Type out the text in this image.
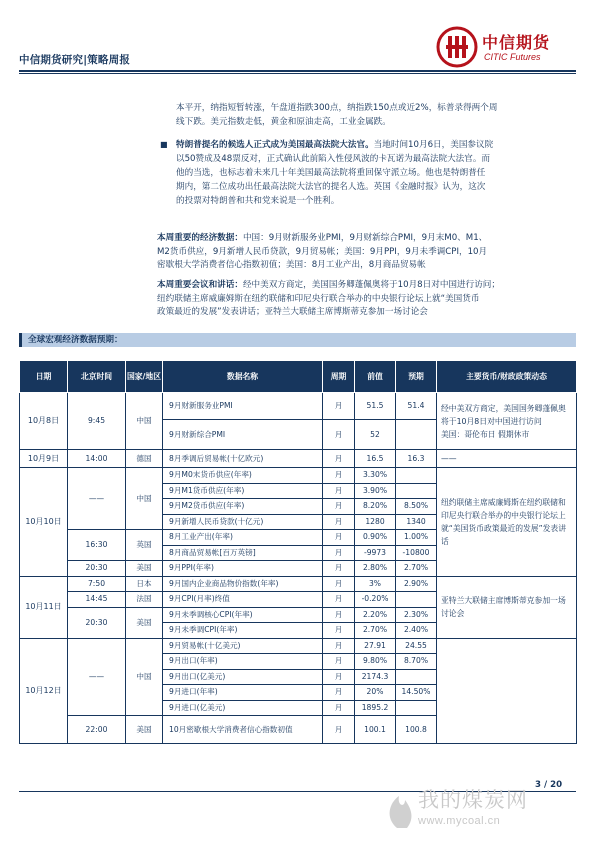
中信期货研究|策略周报
中信期货
CITIC Futures
本平开，纳指短暂转涨，午盘道指跌300点，纳指跌150点或近2%，标普录得两个周
线下跌。美元指数走低，黄金和原油走高，工业金属跌。
■ 特朗普提名的候选人正式成为美国最高法院大法官。当地时间10月6日，美国参议院
以50赞成及48票反对，正式确认此前陷入性侵风波的卡瓦诺为最高法院大法官。而
他的当选，也标志着未来几十年美国最高法院将重回保守派立场。他也是特朗普任
期内，第二位成功出任最高法院大法官的提名人选。英国《金融时报》认为，这次
的投票对特朗普和共和党来说是一个胜利。
本周重要的经济数据：中国：9月财新服务业PMI，9月财新综合PMI，9月末M0、M1、
M2货币供应，9月新增人民币贷款，9月贸易帐；美国：9月PPI，9月未季调CPI，10月
密歇根大学消费者信心指数初值；美国：8月工业产出，8月商品贸易帐
本周重要会议和讲话：经中美双方商定，美国国务卿蓬佩奥将于10月8日对中国进行访问；
纽约联储主席威廉姆斯在纽约联储和印尼央行联合举办的中央银行论坛上就“美国货币
政策最近的发展”发表讲话；亚特兰大联储主席博斯蒂克参加一场讨论会
全球宏观经济数据预期：
日期	北京时间	国家/地区	数据名称	周期	前值	预期	主要货币/财政政策动态
10月8日	9:45	中国	9月财新服务业PMI	月	51.5	51.4	经中美双方商定，美国国务卿蓬佩奥将于10月8日对中国进行访问
美国：哥伦布日 假期休市

			9月财新综合PMI	月	52		
10月9日	14:00	德国	8月季调后贸易帐(十亿欧元)	月	16.5	16.3	——
10月10日	——	中国	9月M0末货币供应(年率)	月	3.30%		纽约联储主席威廉姆斯在纽约联储和印尼央行联合举办的中央银行论坛上就“美国货币政策最近的发展”发表讲话
			9月M1货币供应(年率)	月	3.90%		
			9月M2货币供应(年率)	月	8.20%	8.50%	
			9月新增人民币贷款(十亿元)	月	1280	1340	
	16:30	英国	8月工业产出(年率)	月	0.90%	1.00%	
			8月商品贸易帐[百万英镑]	月	-9973	-10800	
	20:30	美国	9月PPI(年率)	月	2.80%	2.70%	
10月11日	7:50	日本	9月国内企业商品物价指数(年率)	月	3%	2.90%	亚特兰大联储主席博斯蒂克参加一场讨论会
	14:45	法国	9月CPI(月率)终值	月	-0.20%		
	20:30	美国	9月未季调核心CPI(年率)	月	2.20%	2.30%	
			9月未季调CPI(年率)	月	2.70%	2.40%	
10月12日	——	中国	9月贸易帐(十亿美元)	月	27.91	24.55	
			9月出口(年率)	月	9.80%	8.70%	
			9月出口(亿美元)	月	2174.3		
			9月进口(年率)	月	20%	14.50%	
			9月进口(亿美元)	月	1895.2		
	22:00	美国	10月密歇根大学消费者信心指数初值	月	100.1	100.8	
3 / 20
我的煤炭网
www.mycoal.cn
